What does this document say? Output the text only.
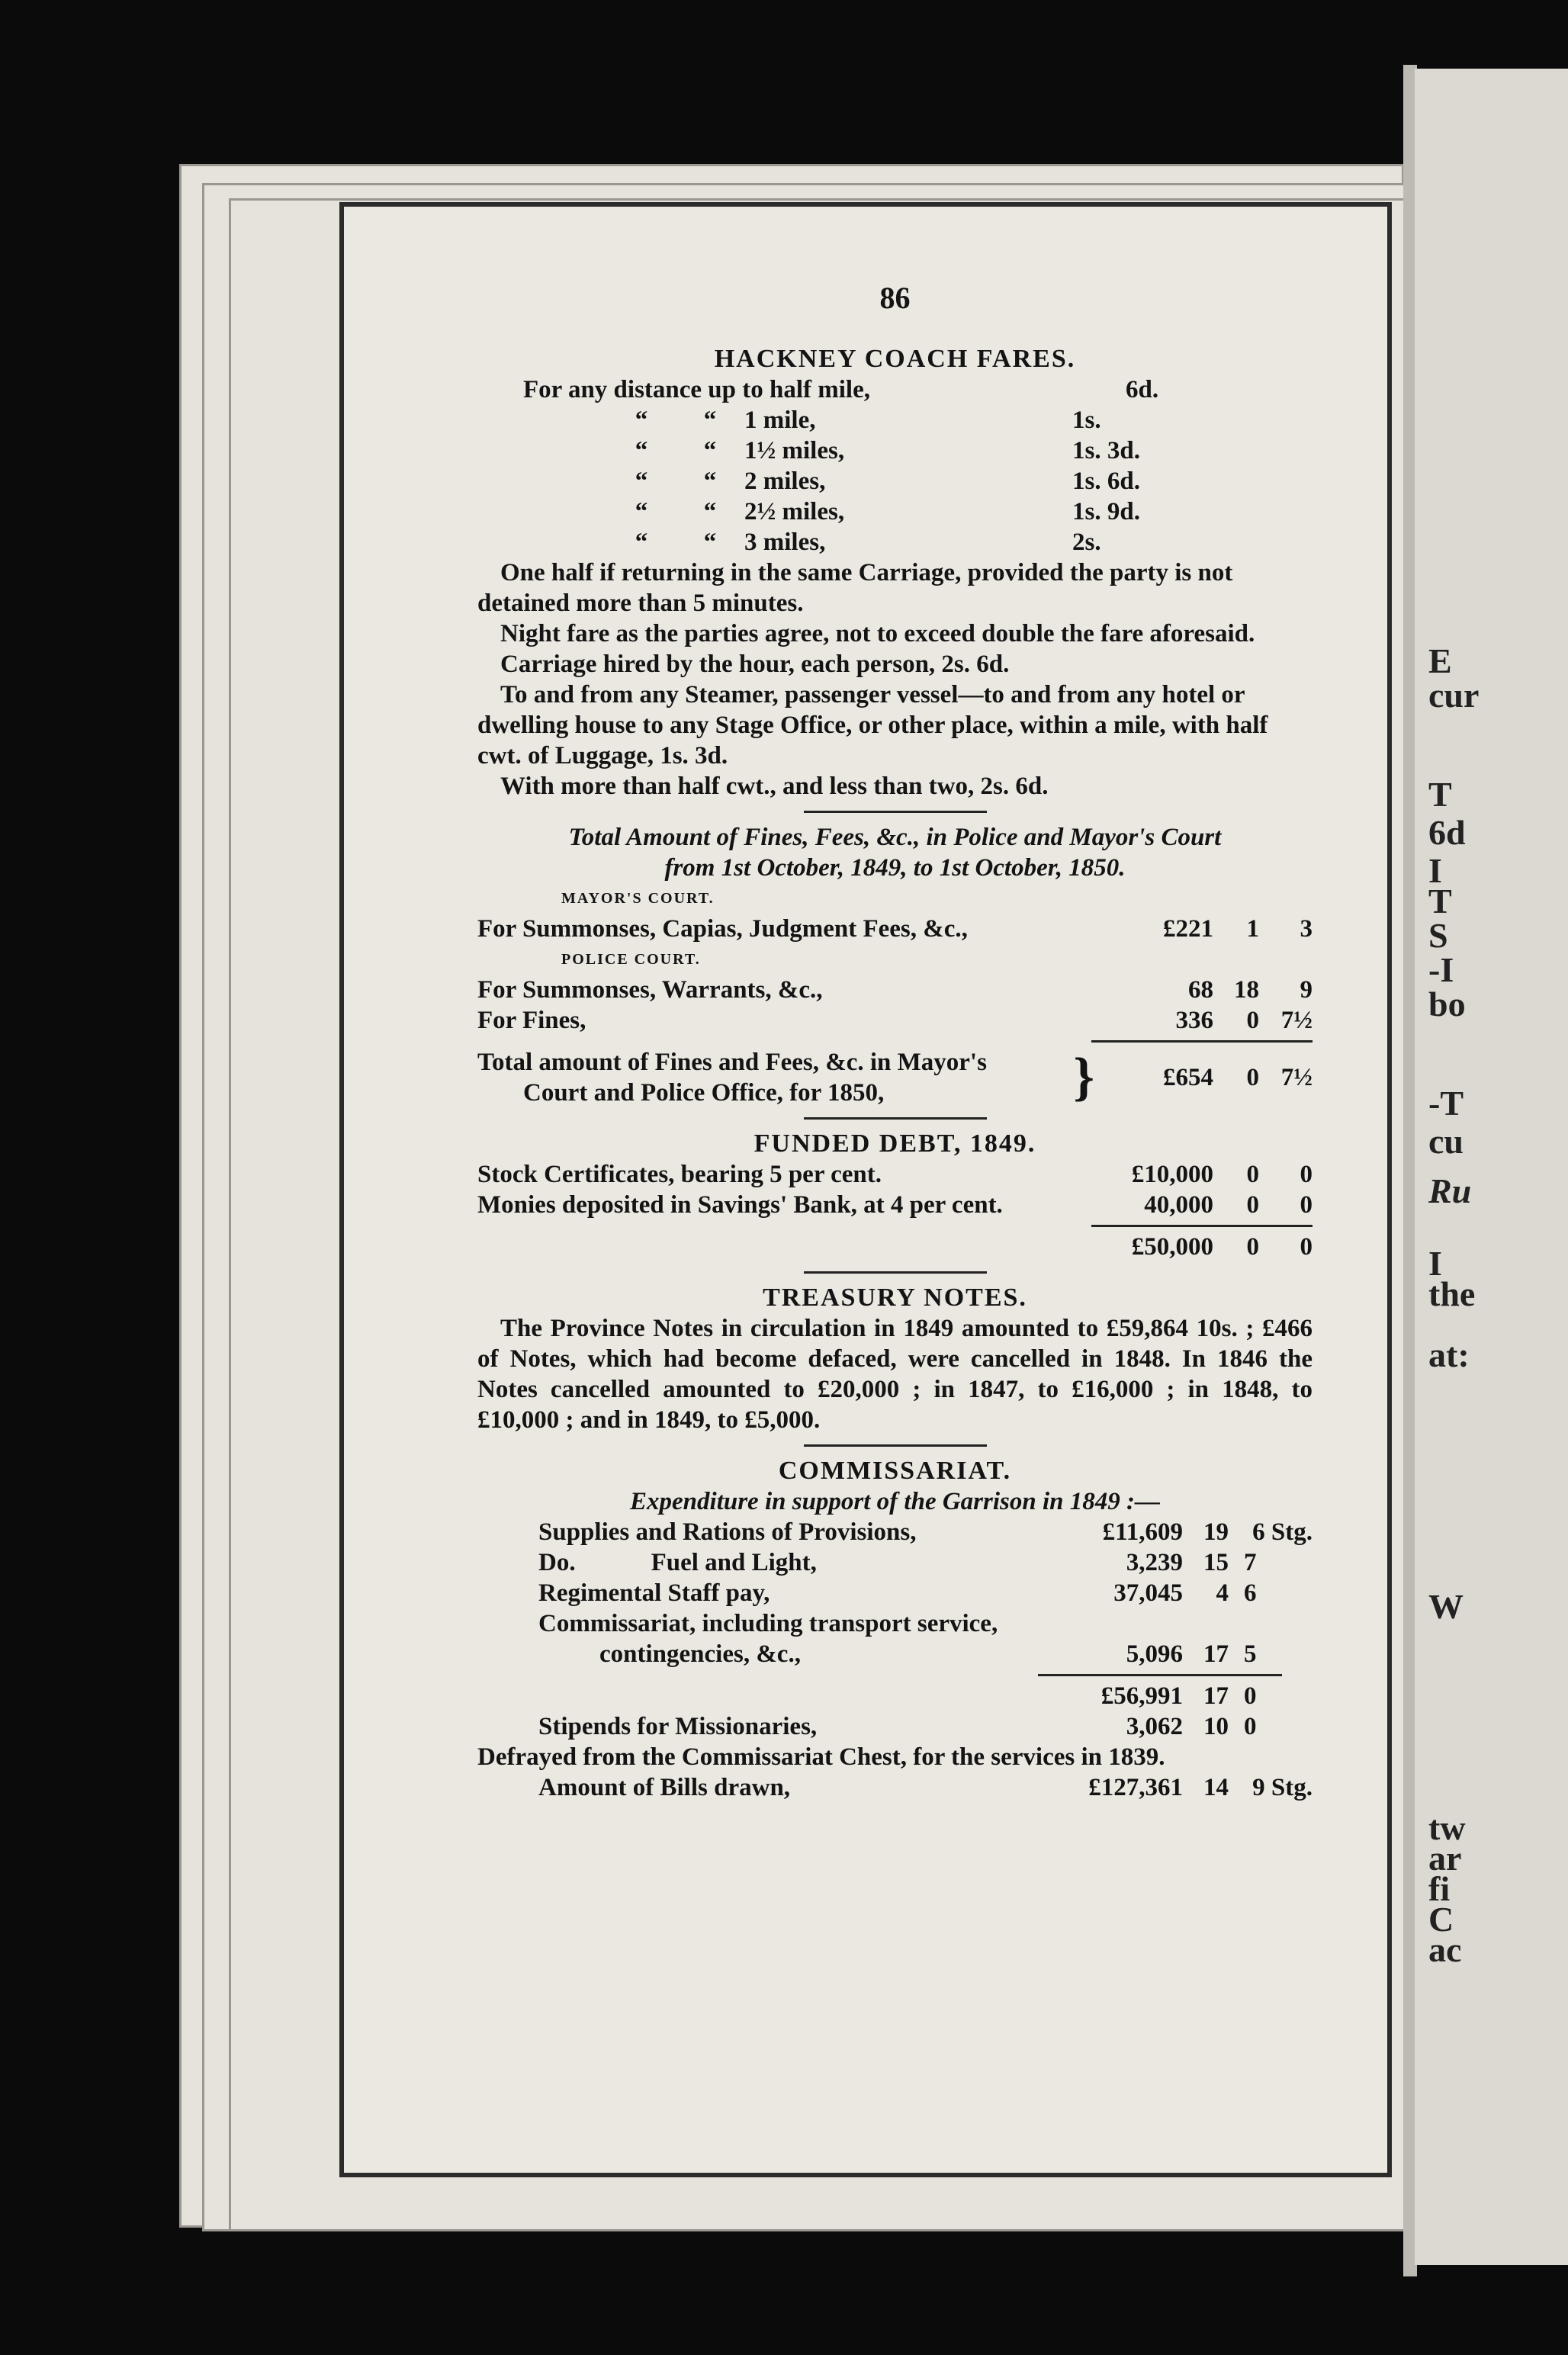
E
cur
T
6d
I
T
S
-I
bo
-T
cu
Ru
I
the
at:
W
tw
ar
fi
C
ac
86
HACKNEY COACH FARES.
For any distance up to half mile,	6d.
“	“	1 mile,	1s.
“	“	1½ miles,	1s. 3d.
“	“	2 miles,	1s. 6d.
“	“	2½ miles,	1s. 9d.
“	“	3 miles,	2s.

One half if returning in the same Carriage, provided the party is not detained more than 5 minutes.

Night fare as the parties agree, not to exceed double the fare aforesaid.

Carriage hired by the hour, each person, 2s. 6d.

To and from any Steamer, passenger vessel—to and from any hotel or dwelling house to any Stage Office, or other place, within a mile, with half cwt. of Luggage, 1s. 3d.

With more than half cwt., and less than two, 2s. 6d.

Total Amount of Fines, Fees, &c., in Police and Mayor's Court

from 1st October, 1849, to 1st October, 1850.

MAYOR'S COURT.

For Summonses, Capias, Judgment Fees, &c.,	£221	1	3

POLICE COURT.

For Summonses, Warrants, &c.,	68 18	9
For Fines,	336	0 7½
Total amount of Fines and Fees, &c. in Mayor's
Court and Police Office, for 1850,	}	£654	0 7½
FUNDED DEBT, 1849.
Stock Certificates, bearing 5 per cent.	£10,000	0	0
Monies deposited in Savings' Bank, at 4 per cent.	40,000	0	0
£50,000	0	0
TREASURY NOTES.

The Province Notes in circulation in 1849 amounted to £59,864 10s. ; £466 of Notes, which had become defaced, were cancelled in 1848. In 1846 the Notes cancelled amounted to £20,000 ; in 1847, to £16,000 ; in 1848, to £10,000 ; and in 1849, to £5,000.

COMMISSARIAT.

Expenditure in support of the Garrison in 1849 :—

Supplies and Rations of Provisions,	£11,609 19 6 Stg.
Do.            Fuel and Light,	3,239 15 7
Regimental Staff pay,	37,045	4 6

Commissariat, including transport service,

contingencies, &c.,	5,096 17 5
£56,991 17 0
Stipends for Missionaries,	3,062 10 0

Defrayed from the Commissariat Chest, for the services in 1839.

Amount of Bills drawn,	£127,361 14 9 Stg.
